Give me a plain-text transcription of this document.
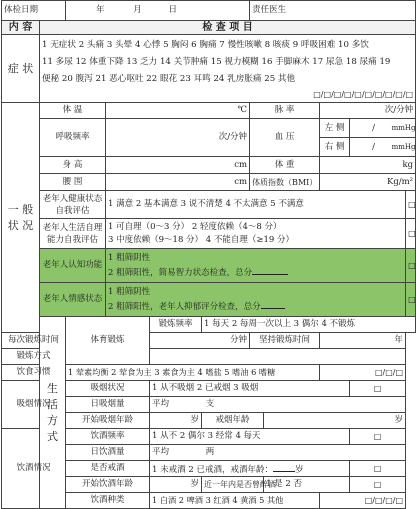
体检日期		年 月 日				责任医生					
内 容	检 查 项 目										
症 状	1 无症状 2 头痛 3 头晕 4 心悸 5 胸闷 6 胸痛 7 慢性咳嗽 8 咳痰 9 呼吸困难 10 多饮
11 多尿 12 体重下降 13 乏力 14 关节肿痛 15 视力模糊 16 手脚麻木 17 尿急 18 尿痛 19
便秘 20 腹泻 21 恶心呕吐 22 眼花 23 耳鸣 24 乳房胀痛 25 其他
□/□/□/□/□/□/□/□/□/□										

一 般 状 况	体 温		℃			脉 率		次/分钟			
	呼吸频率		次/分钟			血 压		左 侧	/ mmHg		
								右 侧	/ mmHg		
	身 高		cm			体 重		kg			
	腰 围		cm			体质指数（BMI）		Kg/m²			
	老年人健康状态自我评估		1 满意 2 基本满意 3 说不清楚 4 不太满意 5 不满意							□	
	老年人生活自理能力自我评估		1 可自理（0～3 分） 2 轻度依赖（4～8 分）
3 中度依赖（9～18 分） 4 不能自理（≥19 分）							□	
	老年人认知功能		1 粗筛阴性
2 粗筛阳性，简易智力状态检查，总分							□	
	老年人情感状态		1 粗筛阴性
2 粗筛阳性，老年人抑郁评分检查，总分							□	
	生 活 方 式	体育锻炼		锻炼频率	1 每天 2 每周一次以上 3 偶尔 4 不锻炼	
每次锻炼时间				分钟		坚持锻炼时间		年			
锻炼方式											
饮食习惯		1 荤素均衡 2 荤食为主 3 素食为主 4 嗜盐 5 嗜油 6 嗜糖						□/□/□			
吸烟情况		吸烟状况		1 从不吸烟 2 已戒烟 3 吸烟					□		
		日吸烟量		平均 支							
		开始吸烟年龄		岁	戒烟年龄		岁				
饮酒情况		饮酒频率		1 从不 2 偶尔 3 经常 4 每天					□		
		日饮酒量		平均 两							
		是否戒酒		1 未戒酒 2 已戒酒，戒酒年龄： 岁					□		
		开始饮酒年龄		岁	近一年内是否曾醉酒		1 是 2 否		□		
		饮酒种类		1 白酒 2 啤酒 3 红酒 4 黄酒 5 其他				□/□/□/□			
